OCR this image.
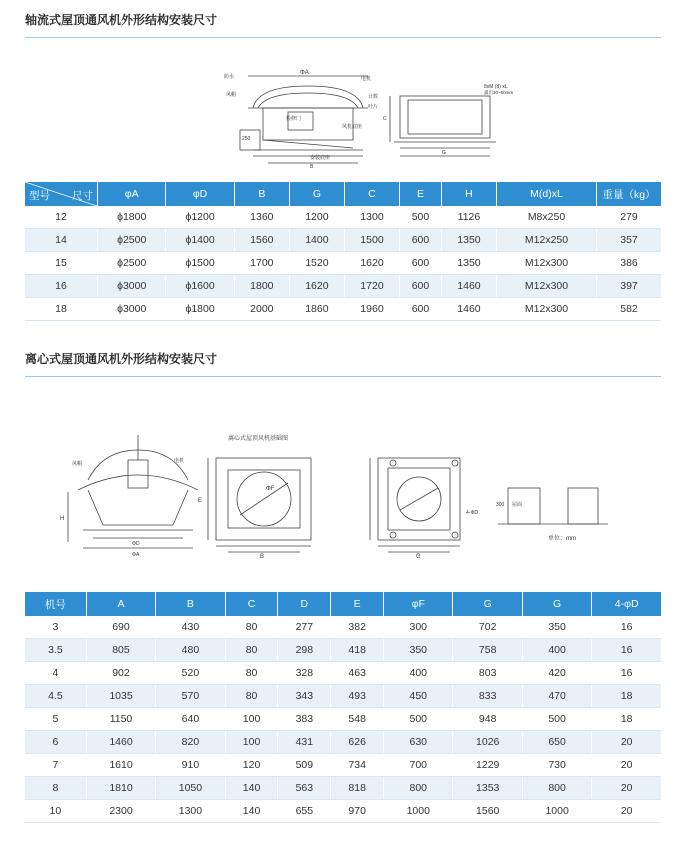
轴流式屋顶通风机外形结构安装尺寸
ΦA
防水
风帽
电机
检修门
计数
叶片
风机底座
安装底座
250
B
8xM (d) xL
露出30~50mm
G
C
型号 尺寸	φA	φD	B	G	C	E	H	M(d)xL	重量（kg）
12	ϕ1800	ϕ1200	1360	1200	1300	500	1126	M8x250	279
14	ϕ2500	ϕ1400	1560	1400	1500	600	1350	M12x250	357
15	ϕ2500	ϕ1500	1700	1520	1620	600	1350	M12x300	386
16	ϕ3000	ϕ1600	1800	1620	1720	600	1460	M12x300	397
18	ϕ3000	ϕ1800	2000	1860	1960	600	1460	M12x300	582
离心式屋顶通风机外形结构安装尺寸
离心式屋顶风机基础图
风帽	电机
H
ΦD
ΦA
E
ΦF
B	G
4-ΦD
屋面
300
单位：mm
机号	A	B	C	D	E	φF	G	G	4-φD
3	690	430	80	277	382	300	702	350	16
3.5	805	480	80	298	418	350	758	400	16
4	902	520	80	328	463	400	803	420	16
4.5	1035	570	80	343	493	450	833	470	18
5	1150	640	100	383	548	500	948	500	18
6	1460	820	100	431	626	630	1026	650	20
7	1610	910	120	509	734	700	1229	730	20
8	1810	1050	140	563	818	800	1353	800	20
10	2300	1300	140	655	970	1000	1560	1000	20
